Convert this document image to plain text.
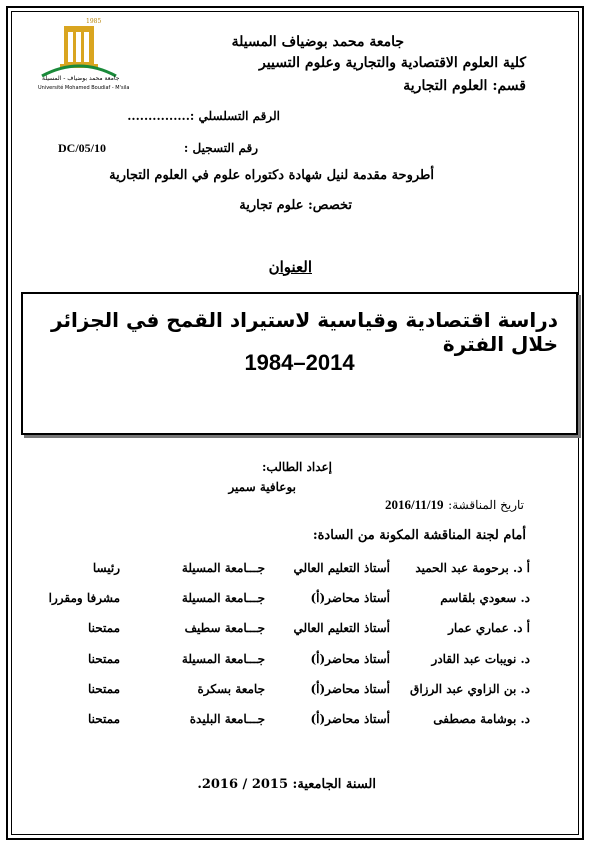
1985
جامعة محمد بوضياف - المسيلة
Université Mohamed Boudiaf - M'sila
جامعة محمد بوضياف المسيلة
كلية العلوم الاقتصادية والتجارية وعلوم التسيير
قسم: العلوم التجارية
الرقم التسلسلي :...............
رقم التسجيل :
DC/05/10
أطروحة مقدمة لنيل شهادة دكتوراه علوم في العلوم التجارية
تخصص: علوم تجارية
العنوان
دراسة اقتصادية وقياسية لاستيراد القمح في الجزائر خلال الفترة
1984–2014
إعداد الطالب:
بوعافية سمير
تاريخ المناقشة:
2016/11/19
أمام لجنة المناقشة المكونة من السادة:
أ د. برحومة عبد الحميد
أستاذ التعليم العالي
جـــامعة المسيلة
رئيسا
د. سعودي بلقاسم
أستاذ محاضر(أ)
جـــامعة المسيلة
مشرفا ومقررا
أ د. عماري عمار
أستاذ التعليم العالي
جـــامعة سطيف
ممتحنا
د. نويبات عبد القادر
أستاذ محاضر(أ)
جـــامعة المسيلة
ممتحنا
د. بن الزاوي عبد الرزاق
أستاذ محاضر(أ)
جامعة بسكرة
ممتحنا
د. بوشامة مصطفى
أستاذ محاضر(أ)
جـــامعة البليدة
ممتحنا
السنة الجامعية: 2015 / 2016.
